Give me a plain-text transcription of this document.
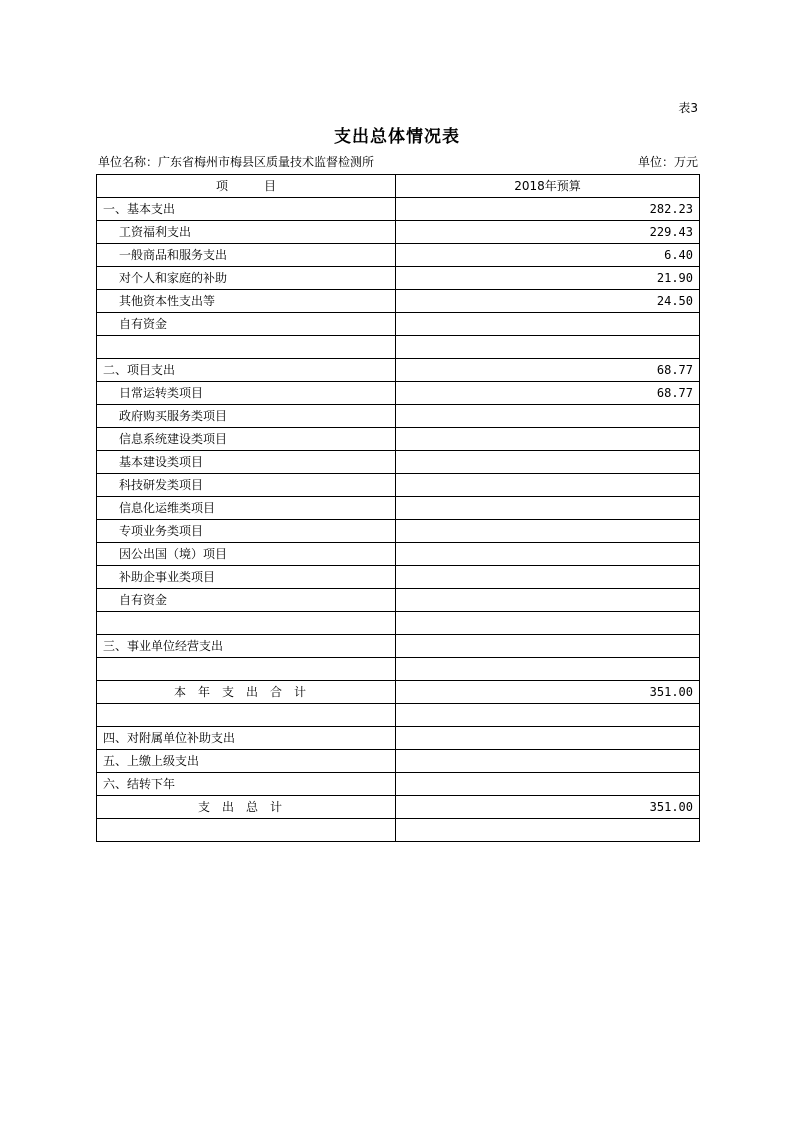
表3
支出总体情况表
单位名称：广东省梅州市梅县区质量技术监督检测所	单位：万元
项　　　目	2018年预算
一、基本支出	282.23
工资福利支出	229.43
一般商品和服务支出	6.40
对个人和家庭的补助	21.90
其他资本性支出等	24.50
自有资金	

二、项目支出	68.77
日常运转类项目	68.77
政府购买服务类项目	
信息系统建设类项目	
基本建设类项目	
科技研发类项目	
信息化运维类项目	
专项业务类项目	
因公出国（境）项目	
补助企事业类项目	
自有资金	

三、事业单位经营支出	

本年支出合计	351.00

四、对附属单位补助支出	
五、上缴上级支出	
六、结转下年	
支出总计	351.00
